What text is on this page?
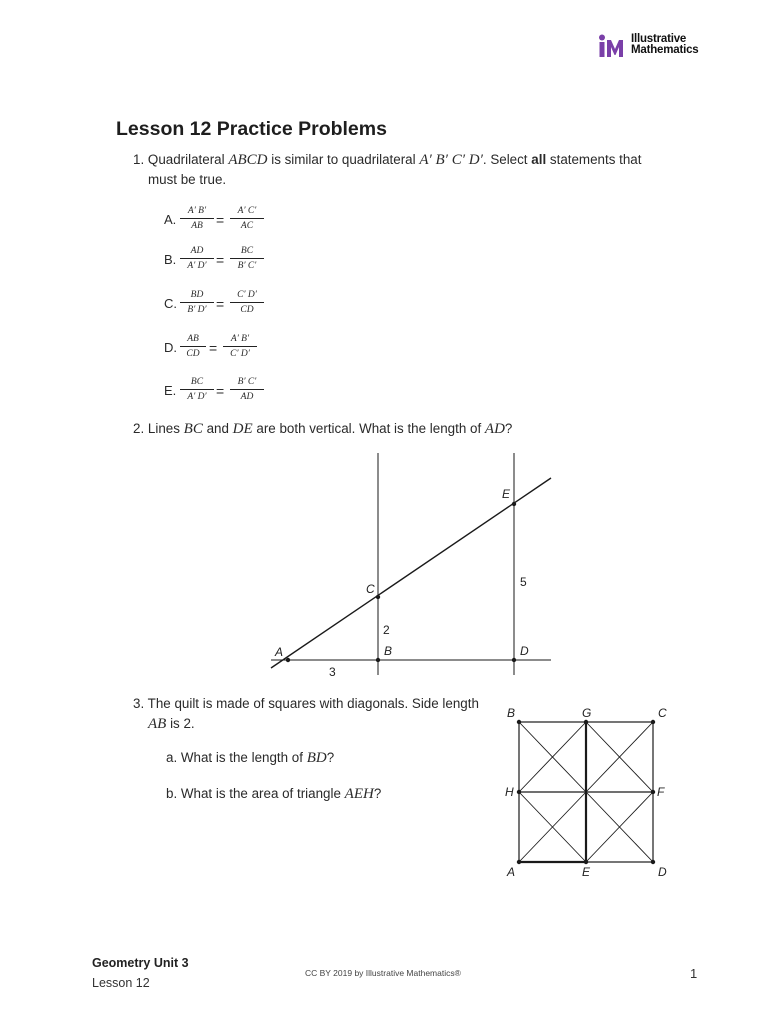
Illustrative
Mathematics
Lesson 12 Practice Problems
1. Quadrilateral ABCD is similar to quadrilateral A′ B′ C′ D′. Select all statements that
must be true.
A. $\frac{A' B'}{AB} = \frac{A' C'}{AC}$
B. $\frac{AD}{A' D'} = \frac{BC}{B' C'}$
C. $\frac{BD}{B' D'} = \frac{C' D'}{CD}$
D. $\frac{AB}{CD} = \frac{A' B'}{C' D'}$
E. $\frac{BC}{A' D'} = \frac{B' C'}{AD}$
2. Lines BC and DE are both vertical. What is the length of AD?
A	B
C
D
E
3
2
5
3. The quilt is made of squares with diagonals. Side length
AB is 2.
a. What is the length of BD?
b. What is the area of triangle AEH?
B	G	C
H	F
A	E	D
Geometry Unit 3
Lesson 12
CC BY 2019 by Illustrative Mathematics®	1
